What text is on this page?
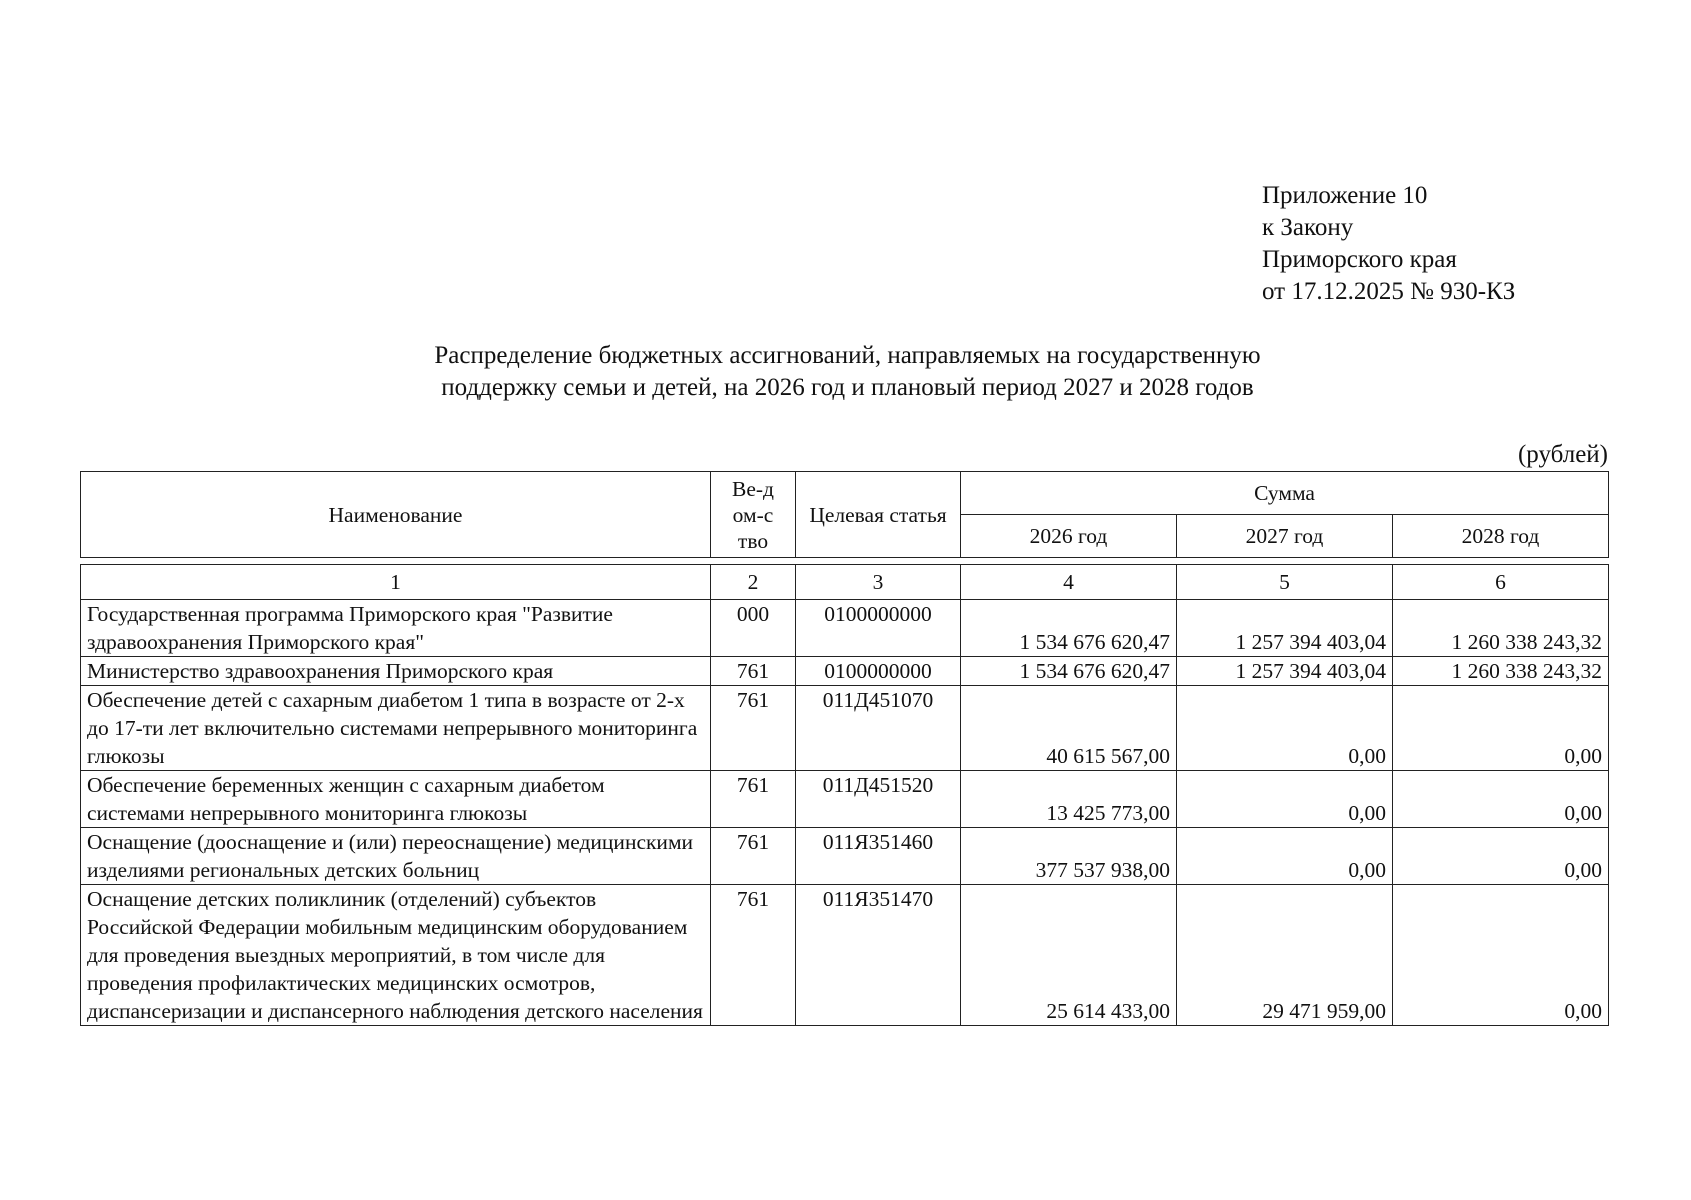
Приложение 10
к Закону
Приморского края
от 17.12.2025 № 930-КЗ
Распределение бюджетных ассигнований, направляемых на государственную
поддержку семьи и детей, на 2026 год и плановый период 2027 и 2028 годов
(рублей)
Наименование	Ве-дом-ство	Целевая статья	Сумма		
			2026 год	2027 год	2028 год

1	2	3	4	5	6
Государственная программа Приморского края "Развитие здравоохранения Приморского края"	000	0100000000	1 534 676 620,47	1 257 394 403,04	1 260 338 243,32
Министерство здравоохранения Приморского края	761	0100000000	1 534 676 620,47	1 257 394 403,04	1 260 338 243,32
Обеспечение детей с сахарным диабетом 1 типа в возрасте от 2-х до 17-ти лет включительно системами непрерывного мониторинга глюкозы	761	011Д451070	40 615 567,00	0,00	0,00
Обеспечение беременных женщин с сахарным диабетом системами непрерывного мониторинга глюкозы	761	011Д451520	13 425 773,00	0,00	0,00
Оснащение (дооснащение и (или) переоснащение) медицинскими изделиями региональных детских больниц	761	011Я351460	377 537 938,00	0,00	0,00
Оснащение детских поликлиник (отделений) субъектов Российской Федерации мобильным медицинским оборудованием для проведения выездных мероприятий, в том числе для проведения профилактических медицинских осмотров, диспансеризации и диспансерного наблюдения детского населения	761	011Я351470	25 614 433,00	29 471 959,00	0,00
